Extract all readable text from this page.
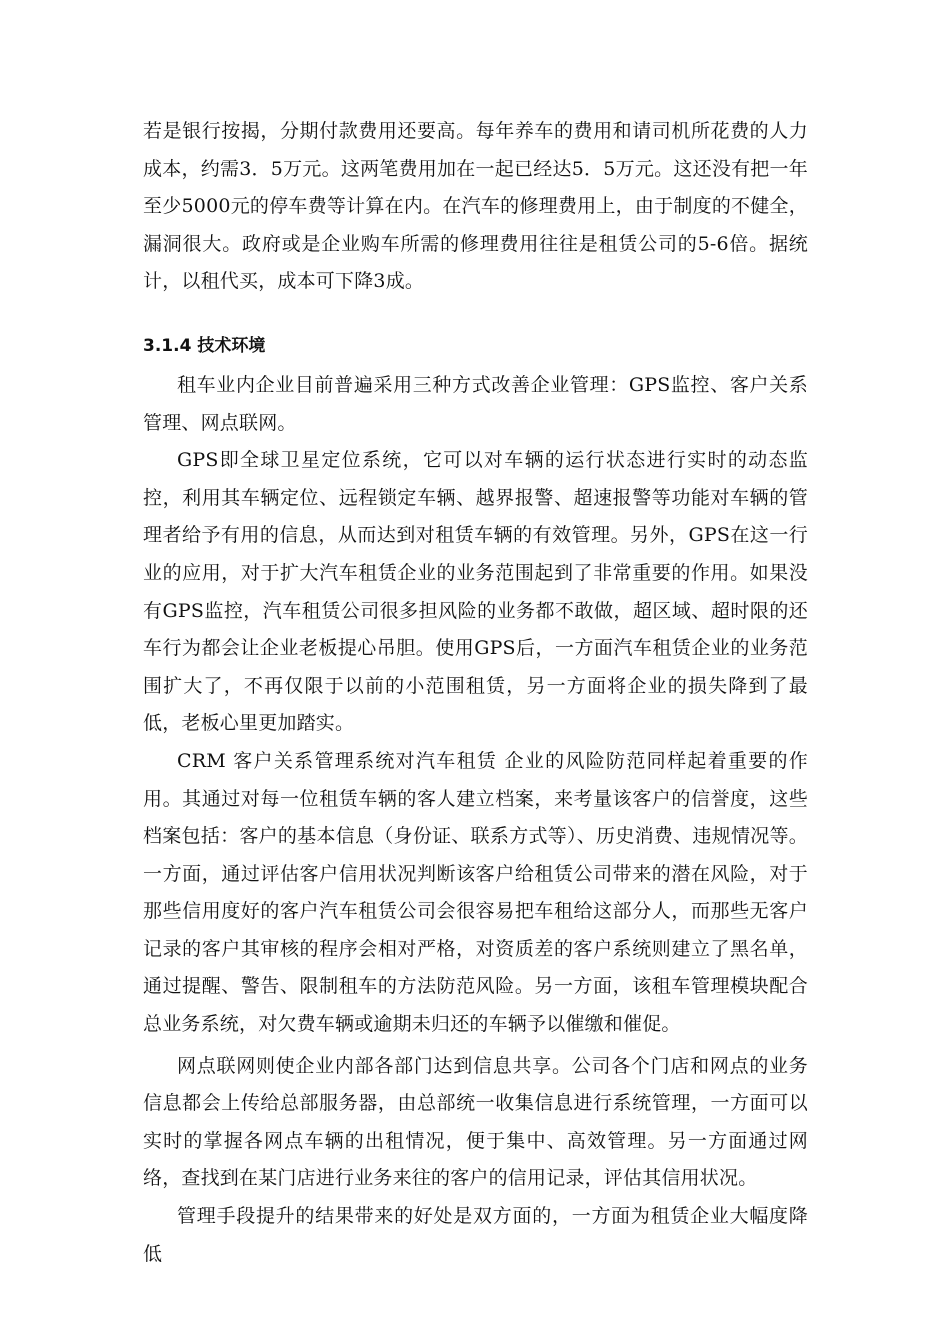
若是银行按揭，分期付款费用还要高。每年养车的费用和请司机所花费的人力成本，约需3．5万元。这两笔费用加在一起已经达5．5万元。这还没有把一年至少5000元的停车费等计算在内。在汽车的修理费用上，由于制度的不健全，漏洞很大。政府或是企业购车所需的修理费用往往是租赁公司的5-6倍。据统计，以租代买，成本可下降3成。

3.1.4 技术环境

租车业内企业目前普遍采用三种方式改善企业管理：GPS监控、客户关系管理、网点联网。

GPS即全球卫星定位系统，它可以对车辆的运行状态进行实时的动态监控，利用其车辆定位、远程锁定车辆、越界报警、超速报警等功能对车辆的管理者给予有用的信息，从而达到对租赁车辆的有效管理。另外，GPS在这一行业的应用，对于扩大汽车租赁企业的业务范围起到了非常重要的作用。如果没有GPS监控，汽车租赁公司很多担风险的业务都不敢做，超区域、超时限的还车行为都会让企业老板提心吊胆。使用GPS后，一方面汽车租赁企业的业务范围扩大了，不再仅限于以前的小范围租赁，另一方面将企业的损失降到了最低，老板心里更加踏实。

CRM 客户关系管理系统对汽车租赁 企业的风险防范同样起着重要的作用。其通过对每一位租赁车辆的客人建立档案，来考量该客户的信誉度，这些档案包括：客户的基本信息（身份证、联系方式等）、历史消费、违规情况等。一方面，通过评估客户信用状况判断该客户给租赁公司带来的潜在风险，对于那些信用度好的客户汽车租赁公司会很容易把车租给这部分人，而那些无客户记录的客户其审核的程序会相对严格，对资质差的客户系统则建立了黑名单，通过提醒、警告、限制租车的方法防范风险。另一方面，该租车管理模块配合总业务系统，对欠费车辆或逾期未归还的车辆予以催缴和催促。

网点联网则使企业内部各部门达到信息共享。公司各个门店和网点的业务信息都会上传给总部服务器，由总部统一收集信息进行系统管理，一方面可以实时的掌握各网点车辆的出租情况，便于集中、高效管理。另一方面通过网络，查找到在某门店进行业务来往的客户的信用记录，评估其信用状况。

管理手段提升的结果带来的好处是双方面的，一方面为租赁企业大幅度降低
